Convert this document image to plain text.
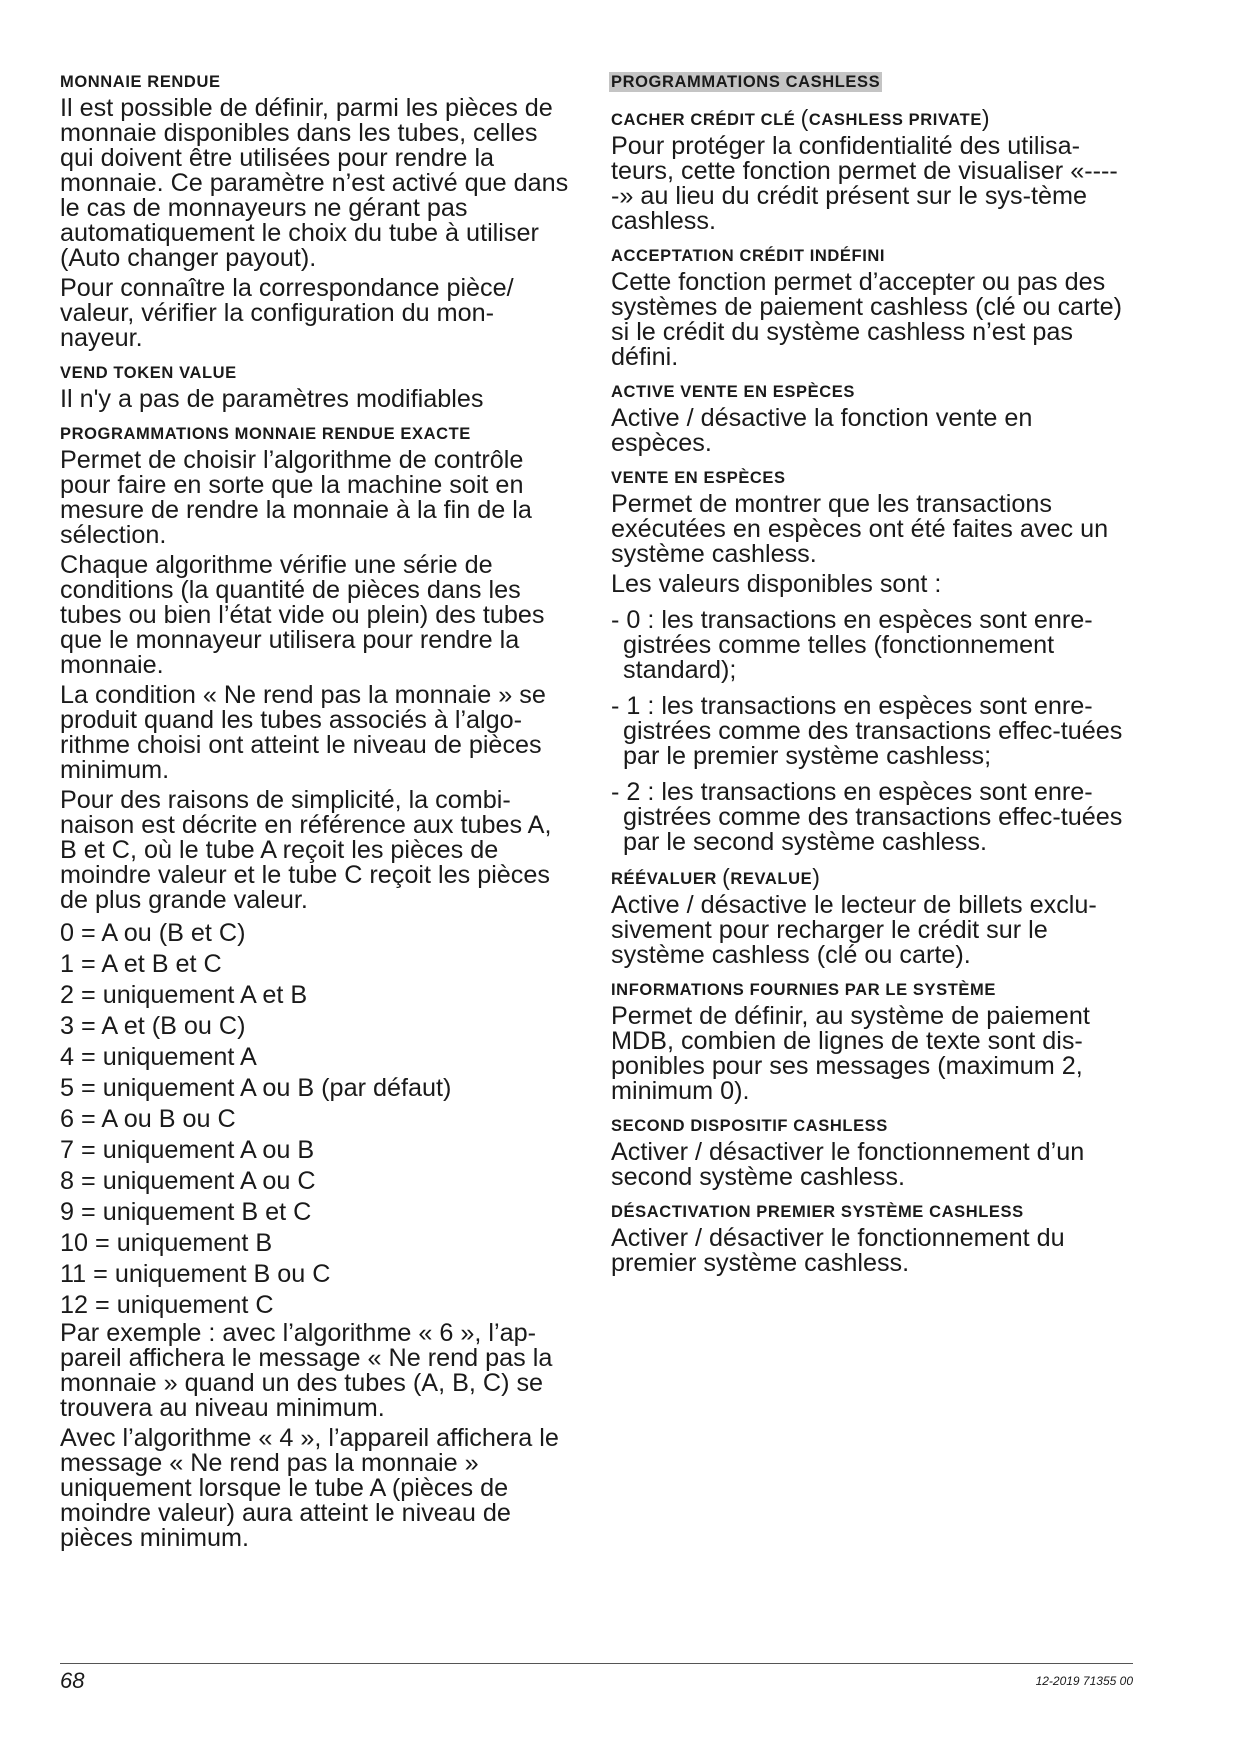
MONNAIE RENDUE
Il est possible de définir, parmi les pièces de monnaie disponibles dans les tubes, celles qui doivent être utilisées pour rendre la monnaie. Ce paramètre n’est activé que dans le cas de monnayeurs ne gérant pas automatiquement le choix du tube à utiliser (Auto changer payout).
Pour connaître la correspondance pièce/ valeur, vérifier la configuration du mon-nayeur.
VEND TOKEN VALUE
Il n'y a pas de paramètres modifiables
PROGRAMMATIONS MONNAIE RENDUE EXACTE
Permet de choisir l’algorithme de contrôle pour faire en sorte que la machine soit en mesure de rendre la monnaie à la fin de la sélection.
Chaque algorithme vérifie une série de conditions (la quantité de pièces dans les tubes ou bien l’état vide ou plein) des tubes que le monnayeur utilisera pour rendre la monnaie.
La condition « Ne rend pas la monnaie » se produit quand les tubes associés à l’algo-rithme choisi ont atteint le niveau de pièces minimum.
Pour des raisons de simplicité, la combi-naison est décrite en référence aux tubes A, B et C, où le tube A reçoit les pièces de moindre valeur et le tube C reçoit les pièces de plus grande valeur.
0 = A ou (B et C)
1 = A et B et C
2 = uniquement A et B
3 = A et (B ou C)
4 = uniquement A
5 = uniquement A ou B (par défaut)
6 = A ou B ou C
7 = uniquement A ou B
8 = uniquement A ou C
9 = uniquement B et C
10 = uniquement B
11 = uniquement B ou C
12 = uniquement C
Par exemple : avec l’algorithme « 6 », l’ap-pareil affichera le message « Ne rend pas la monnaie » quand un des tubes (A, B, C) se trouvera au niveau minimum.
Avec l’algorithme « 4 », l’appareil affichera le message « Ne rend pas la monnaie » uniquement lorsque le tube A (pièces de moindre valeur) aura atteint le niveau de pièces minimum.
PROGRAMMATIONS CASHLESS
CACHER CRÉDIT CLÉ (CASHLESS PRIVATE)
Pour protéger la confidentialité des utilisa-teurs, cette fonction permet de visualiser «-----» au lieu du crédit présent sur le sys-tème cashless.
ACCEPTATION CRÉDIT INDÉFINI
Cette fonction permet d’accepter ou pas des systèmes de paiement cashless (clé ou carte) si le crédit du système cashless n’est pas défini.
ACTIVE VENTE EN ESPÈCES
Active / désactive la fonction vente en espèces.
VENTE EN ESPÈCES
Permet de montrer que les transactions exécutées en espèces ont été faites avec un système cashless.
Les valeurs disponibles sont :
- 0 : les transactions en espèces sont enre-gistrées comme telles (fonctionnement standard);
- 1 : les transactions en espèces sont enre-gistrées comme des transactions effec-tuées par le premier système cashless;
- 2 : les transactions en espèces sont enre-gistrées comme des transactions effec-tuées par le second système cashless.
RÉÉVALUER (REVALUE)
Active / désactive le lecteur de billets exclu-sivement pour recharger le crédit sur le système cashless (clé ou carte).
INFORMATIONS FOURNIES PAR LE SYSTÈME
Permet de définir, au système de paiement MDB, combien de lignes de texte sont dis-ponibles pour ses messages (maximum 2, minimum 0).
SECOND DISPOSITIF CASHLESS
Activer / désactiver le fonctionnement d’un second système cashless.
DÉSACTIVATION PREMIER SYSTÈME CASHLESS
Activer / désactiver le fonctionnement du premier système cashless.
68	12-2019 71355 00
